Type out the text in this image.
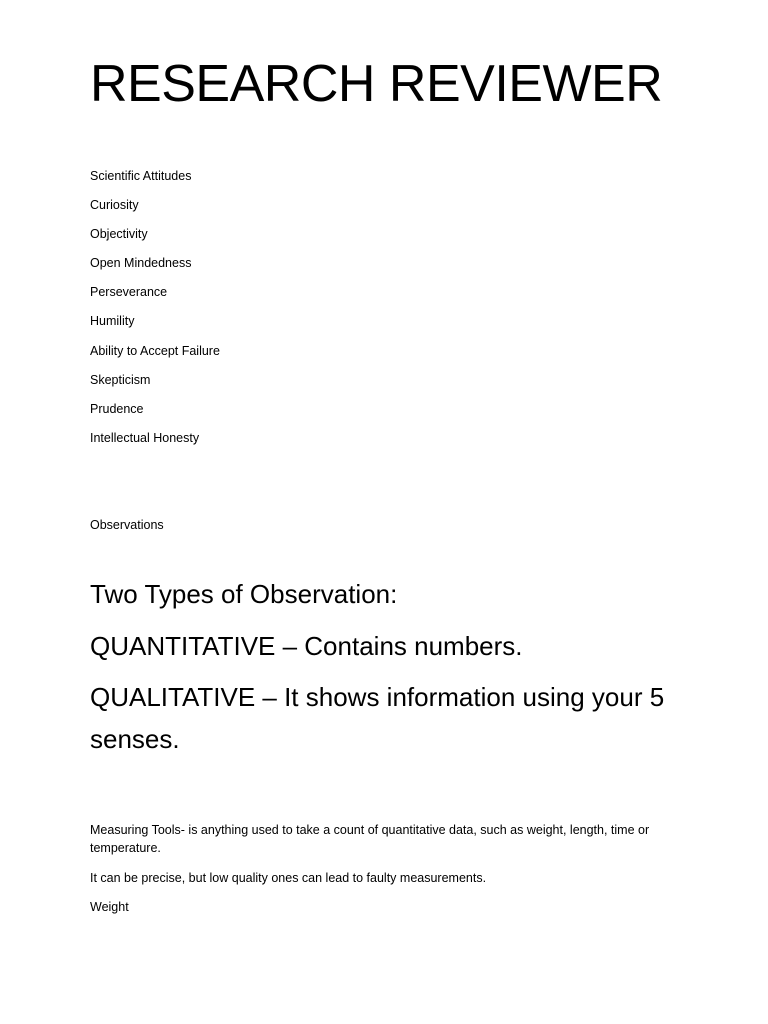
RESEARCH REVIEWER
Scientific Attitudes
Curiosity
Objectivity
Open Mindedness
Perseverance
Humility
Ability to Accept Failure
Skepticism
Prudence
Intellectual Honesty

Observations

Two Types of Observation:

QUANTITATIVE – Contains numbers.

QUALITATIVE – It shows information using your 5 senses.

Measuring Tools- is anything used to take a count of quantitative data, such as weight, length, time or temperature.

It can be precise, but low quality ones can lead to faulty measurements.

Weight
